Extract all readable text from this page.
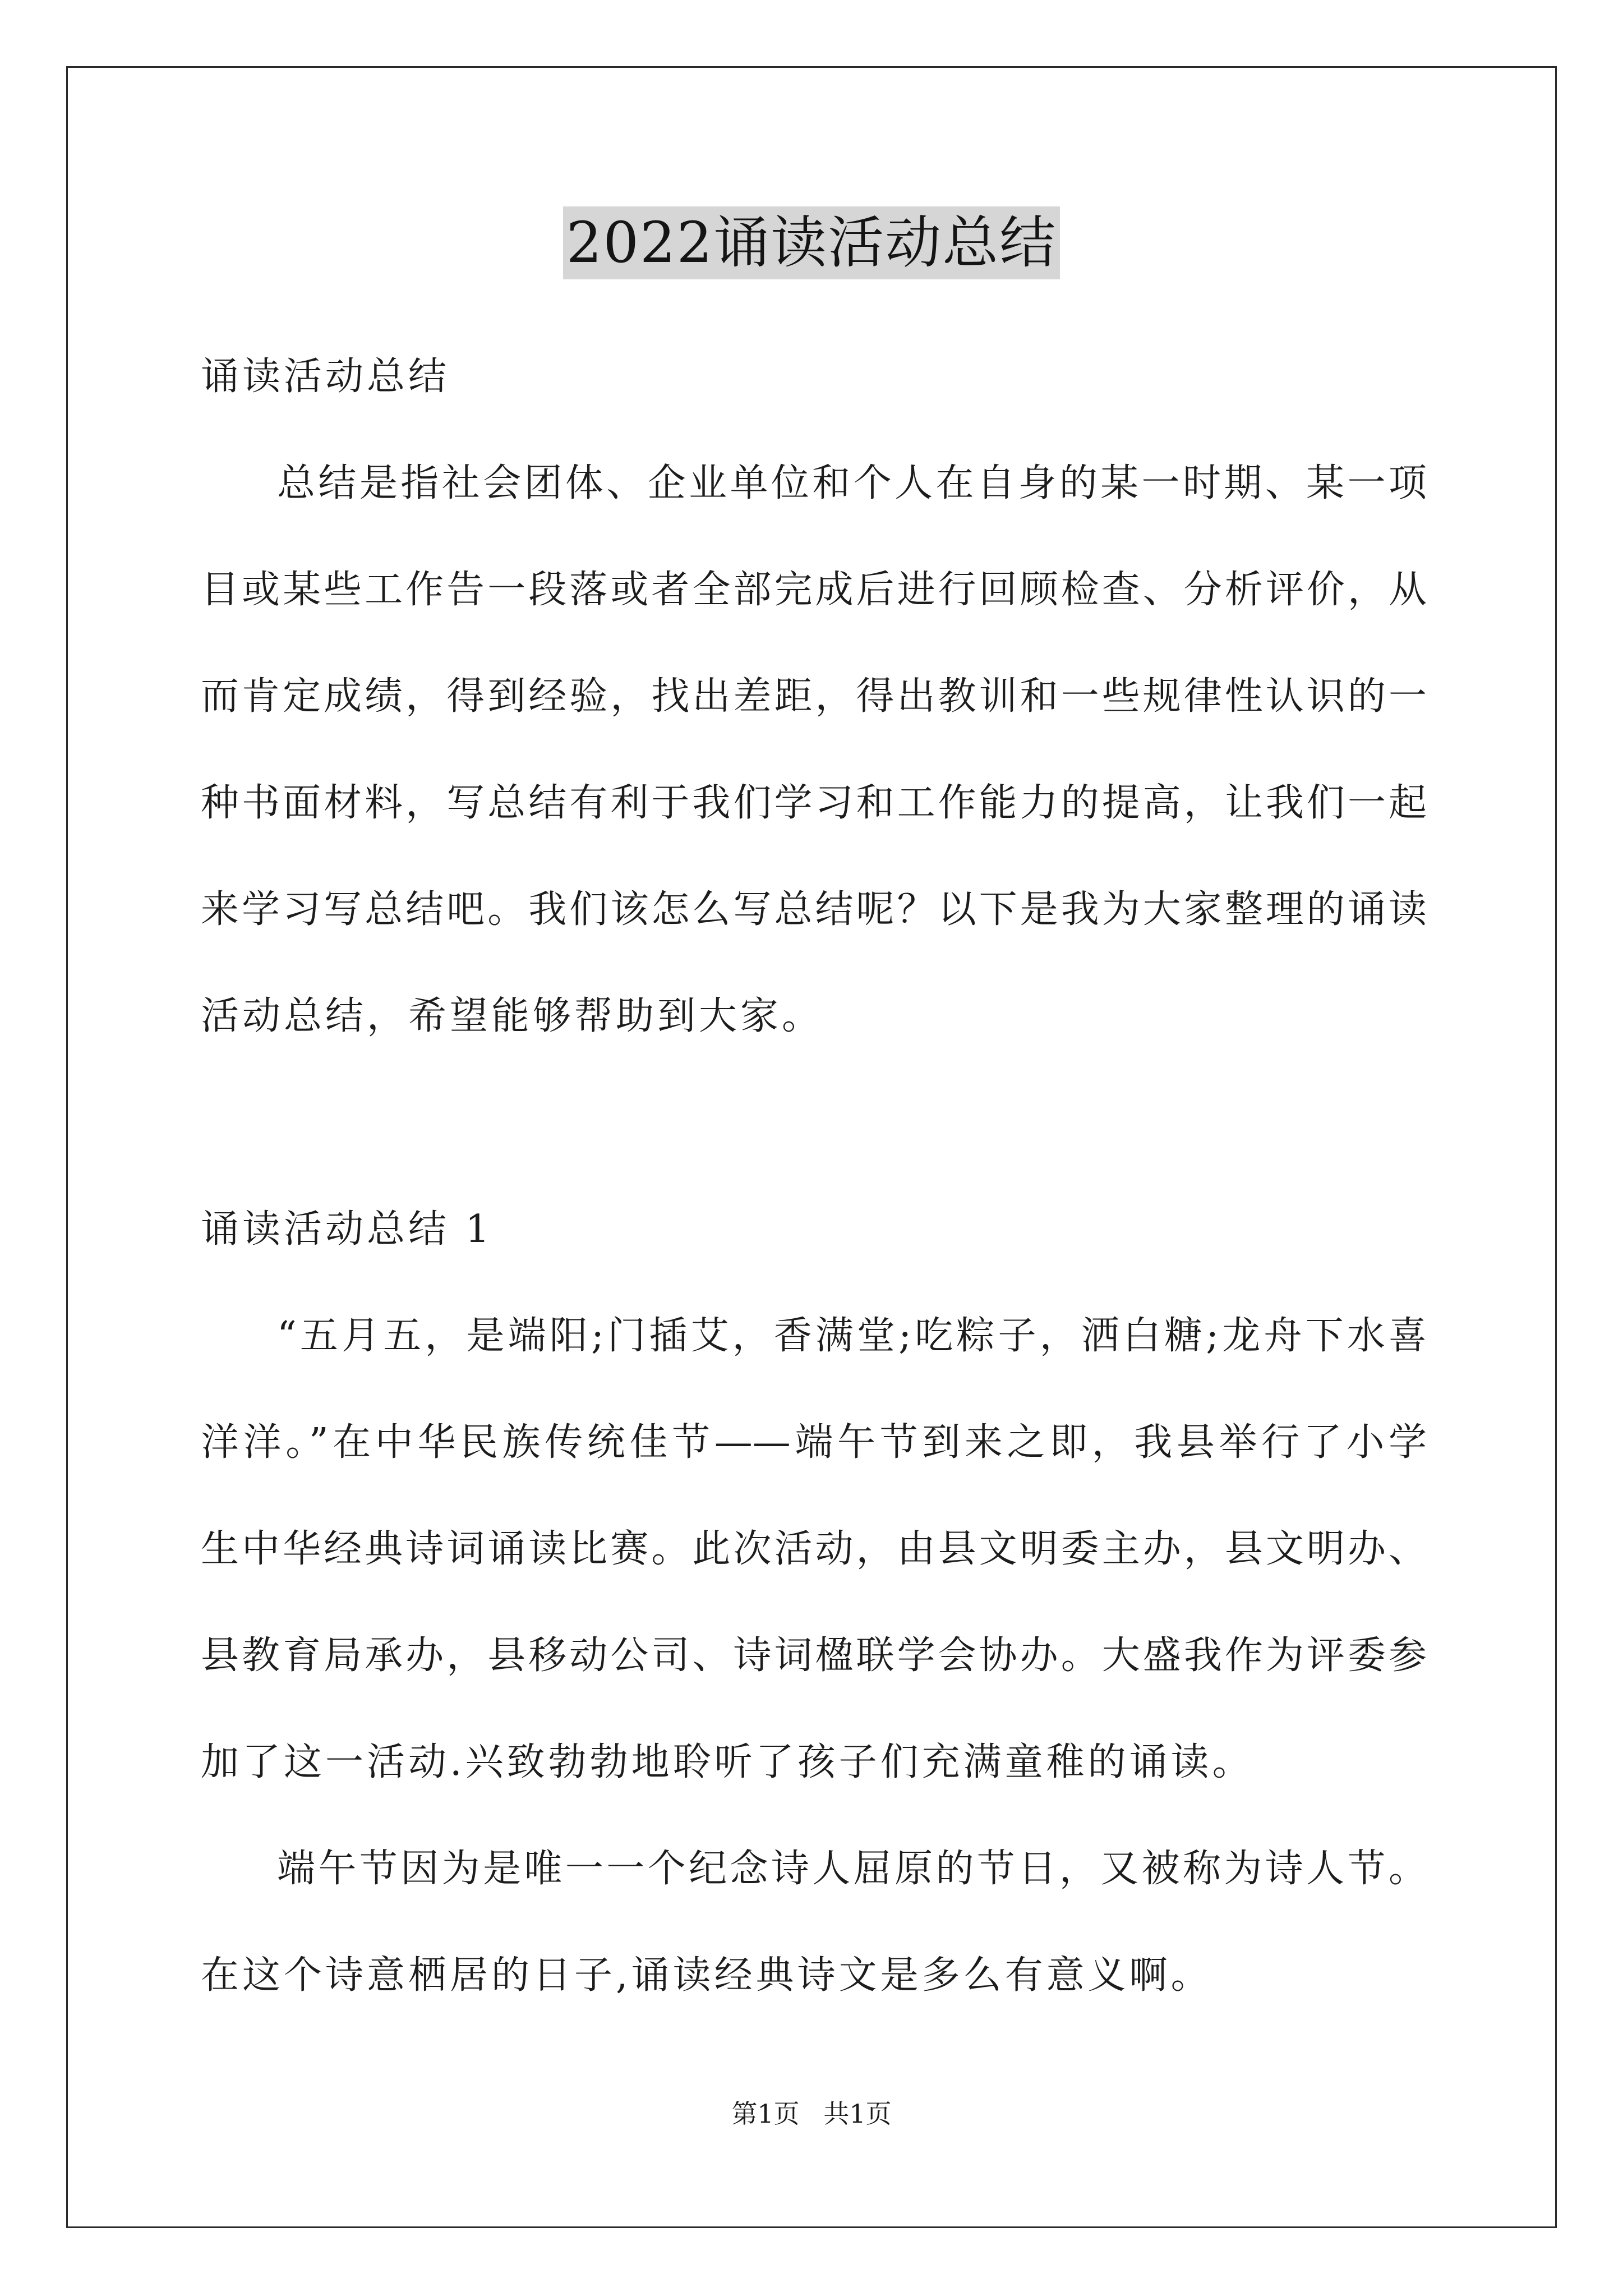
2022诵读活动总结
诵读活动总结
总结是指社会团体、企业单位和个人在自身的某一时期、某一项
目或某些工作告一段落或者全部完成后进行回顾检查、分析评价，从
而肯定成绩，得到经验，找出差距，得出教训和一些规律性认识的一
种书面材料，写总结有利于我们学习和工作能力的提高，让我们一起
来学习写总结吧。我们该怎么写总结呢？以下是我为大家整理的诵读
活动总结，希望能够帮助到大家。
诵读活动总结 1
“五月五，是端阳;门插艾，香满堂;吃粽子，洒白糖;龙舟下水喜
洋洋。”在中华民族传统佳节——端午节到来之即，我县举行了小学
生中华经典诗词诵读比赛。此次活动，由县文明委主办，县文明办、
县教育局承办，县移动公司、诗词楹联学会协办。大盛我作为评委参
加了这一活动.兴致勃勃地聆听了孩子们充满童稚的诵读。
端午节因为是唯一一个纪念诗人屈原的节日，又被称为诗人节。
在这个诗意栖居的日子,诵读经典诗文是多么有意义啊。
第1页 共1页
